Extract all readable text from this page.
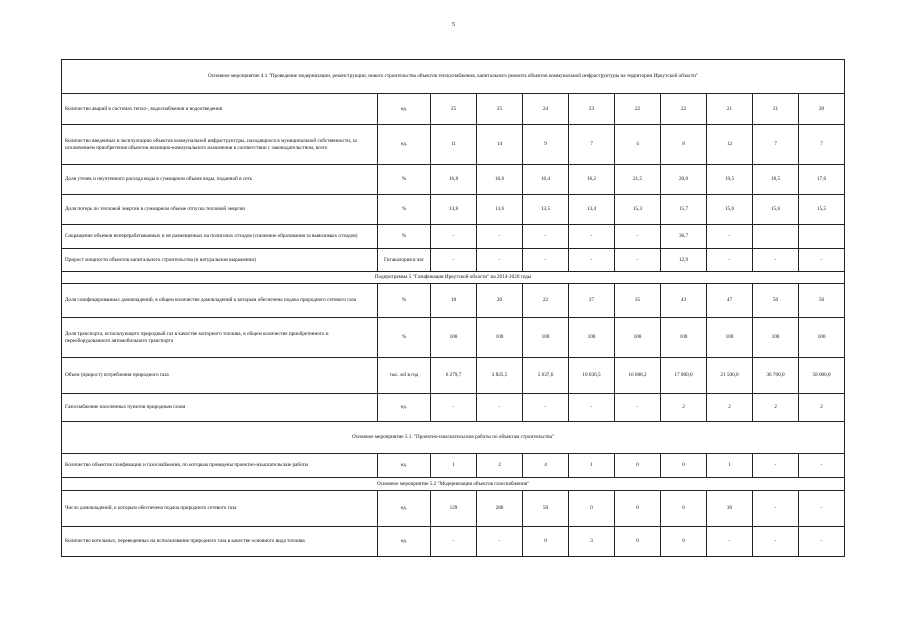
5
Основное мероприятие 4.1 "Проведение модернизации, реконструкции, нового строительства объектов теплоснабжения, капитального ремонта объектов коммунальной инфраструктуры на территории Иркутской области"										
Количество аварий в системах тепло-, водоснабжения и водоотведения	ед.	25	25	24	23	22	22	21	21	20
Количество введенных в эксплуатацию объектов коммунальной инфраструктуры, находящихся в муниципальной собственности, за исключением приобретения объектов жилищно-коммунального назначения в соответствии с законодательством, всего	ед.	11	14	9	7	4	8	12	7	7
Доля утечек и неучтенного расхода воды в суммарном объеме воды, поданной в сеть	%	16,8	16,6	16,4	16,2	21,5	20,0	19,5	18,5	17,6
Доля потерь по тепловой энергии в суммарном объеме отпуска тепловой энергии	%	13,8	13,6	13,5	13,4	15,3	15,7	15,6	15,6	15,5
Сокращение объемов неперерабатываемых и не размещенных на полигонах отходов (снижение образования за вывозимых отходов)	%	-	-	-	-	-	36,7	-		
Прирост мощности объектов капитального строительства (в натуральном выражении)	Гигакалория в час	-	-	-	-	-	12,9	-	-	-
Подпрограмма 5 "Газификация Иркутской области" на 2014-2020 годы										
Доля газифицированных домовладений, в общем количестве домовладений к которым обеспечена подача природного сетевого газа	%	18	20	22	27	35	43	47	50	50
Доля транспорта, использующего природный газ в качестве моторного топлива, в общем количестве приобретенного и переоборудованного автомобильного транспорта	%	100	100	100	100	100	100	100	100	100
Объем (прирост) потребления природного газа	тыс. м3 в год	6 279,7	3 825,5	5 637,6	10 036,5	16 688,2	17 000,0	21 500,0	36 700,0	58 000,0
Газоснабжение населенных пунктов природным газом	ед.	-	-	-	-	-	2	2	2	2
Основное мероприятие 5.1. "Проектно-изыскательские работы по объектам строительства"										
Количество объектов газификации и газоснабжения, по которым проведены проектно-изыскательские работы	ед.	1	2	4	1	0	0	1	-	-
Основное мероприятие 5.2 "Модернизация объектов газоснабжения"										
Число домовладений, к которым обеспечена подача природного сетевого газа	ед.	129	280	50	0	0	0	30	-	-
Количество котельных, переведенных на использование природного газа в качестве основного вида топлива	ед.	-	-	0	3	0	0	-	-	-
